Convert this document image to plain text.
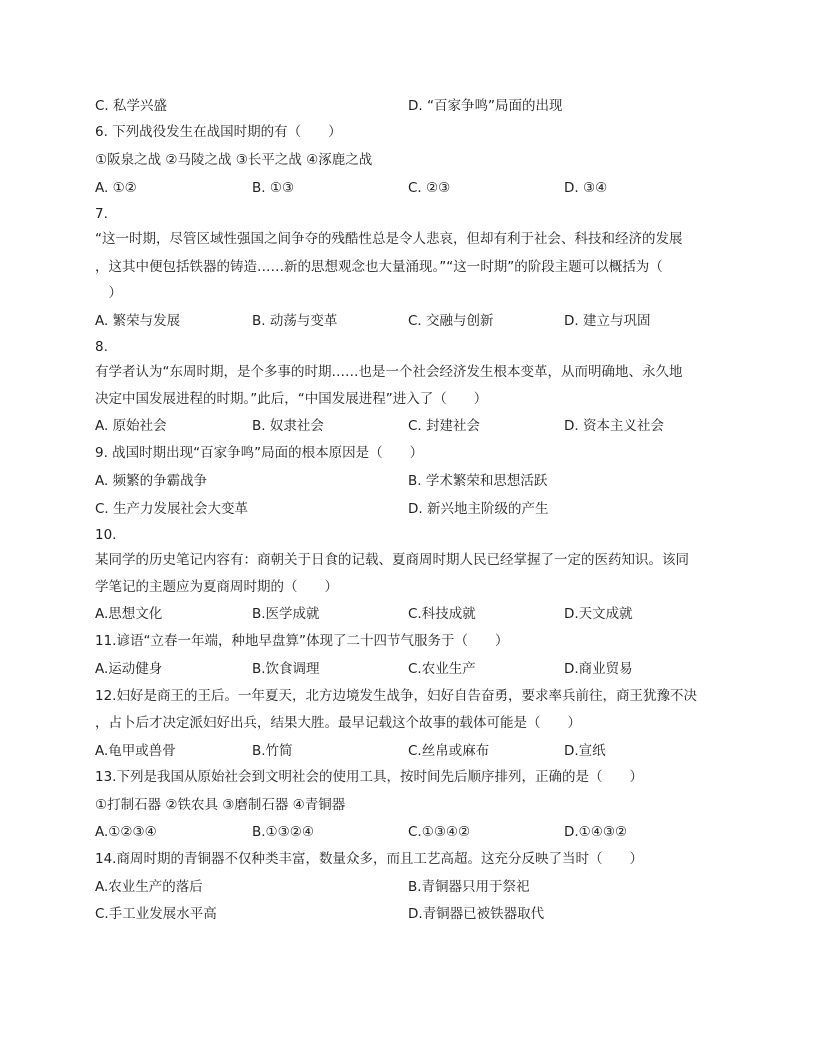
C. 私学兴盛	D. “百家争鸣”局面的出现
6. 下列战役发生在战国时期的有（　　）
①阪泉之战 ②马陵之战 ③长平之战 ④涿鹿之战
A. ①②	B. ①③	C. ②③	D. ③④
7.
“这一时期，尽管区域性强国之间争夺的残酷性总是令人悲哀，但却有利于社会、科技和经济的发展
，这其中便包括铁器的铸造……新的思想观念也大量涌现。”“这一时期”的阶段主题可以概括为（
　）
A. 繁荣与发展	B. 动荡与变革	C. 交融与创新	D. 建立与巩固
8.
有学者认为“东周时期，是个多事的时期……也是一个社会经济发生根本变革，从而明确地、永久地
决定中国发展进程的时期。”此后，“中国发展进程”进入了（　　）
A. 原始社会	B. 奴隶社会	C. 封建社会	D. 资本主义社会
9. 战国时期出现“百家争鸣”局面的根本原因是（　　）
A. 频繁的争霸战争	B. 学术繁荣和思想活跃
C. 生产力发展社会大变革	D. 新兴地主阶级的产生
10.
某同学的历史笔记内容有：商朝关于日食的记载、夏商周时期人民已经掌握了一定的医药知识。该同
学笔记的主题应为夏商周时期的（　　）
A.思想文化	B.医学成就	C.科技成就	D.天文成就
11.谚语“立春一年端，种地早盘算”体现了二十四节气服务于（　　）
A.运动健身	B.饮食调理	C.农业生产	D.商业贸易
12.妇好是商王的王后。一年夏天，北方边境发生战争，妇好自告奋勇，要求率兵前往，商王犹豫不决
，占卜后才决定派妇好出兵，结果大胜。最早记载这个故事的载体可能是（　　）
A.龟甲或兽骨	B.竹简	C.丝帛或麻布	D.宣纸
13.下列是我国从原始社会到文明社会的使用工具，按时间先后顺序排列，正确的是（　　）
①打制石器 ②铁农具 ③磨制石器 ④青铜器
A.①②③④	B.①③②④	C.①③④②	D.①④③②
14.商周时期的青铜器不仅种类丰富，数量众多，而且工艺高超。这充分反映了当时（　　）
A.农业生产的落后	B.青铜器只用于祭祀
C.手工业发展水平高	D.青铜器已被铁器取代
